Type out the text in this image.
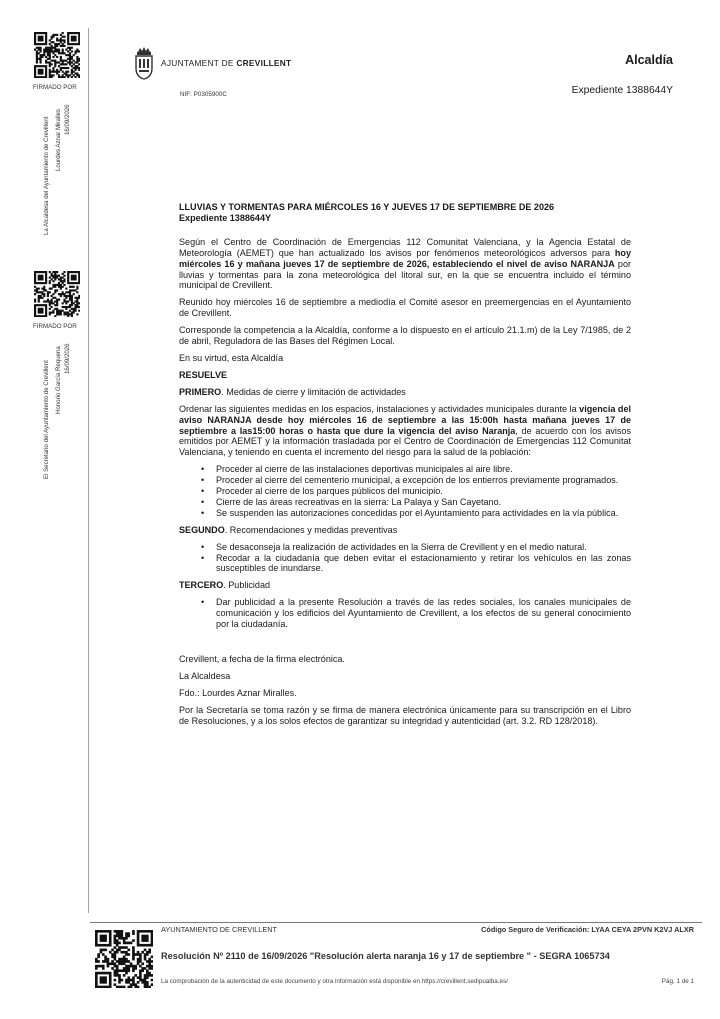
FIRMADO POR
La Alcaldesa del Ayuntamiento de Crevillent Lourdes Aznar Miralles 16/09/2026
FIRMADO POR
El Secretario del Ayuntamiento de Crevillent Honorio García Requena 16/09/2026
AJUNTAMENT DE CREVILLENT
NIF: P0305900C
Alcaldía
Expediente 1388644Y

LLUVIAS Y TORMENTAS PARA MIÉRCOLES 16 Y JUEVES 17 DE SEPTIEMBRE DE 2026
Expediente 1388644Y

Según el Centro de Coordinación de Emergencias 112 Comunitat Valenciana, y la Agencia Estatal de Meteorología (AEMET) que han actualizado los avisos por fenómenos meteorológicos adversos para hoy miércoles 16 y mañana jueves 17 de septiembre de 2026, estableciendo el nivel de aviso NARANJA por lluvias y tormentas para la zona meteorológica del litoral sur, en la que se encuentra incluido el término municipal de Crevillent.

Reunido hoy miércoles 16 de septiembre a mediodía el Comité asesor en preemergencias en el Ayuntamiento de Crevillent.

Corresponde la competencia a la Alcaldía, conforme a lo dispuesto en el artículo 21.1.m) de la Ley 7/1985, de 2 de abril, Reguladora de las Bases del Régimen Local.

En su virtud, esta Alcaldía

RESUELVE

PRIMERO. Medidas de cierre y limitación de actividades

Ordenar las siguientes medidas en los espacios, instalaciones y actividades municipales durante la vigencia del aviso NARANJA desde hoy miércoles 16 de septiembre a las 15:00h hasta mañana jueves 17 de septiembre a las15:00 horas o hasta que dure la vigencia del aviso Naranja, de acuerdo con los avisos emitidos por AEMET y la información trasladada por el Centro de Coordinación de Emergencias 112 Comunitat Valenciana, y teniendo en cuenta el incremento del riesgo para la salud de la población:

• Proceder al cierre de las instalaciones deportivas municipales al aire libre.
• Proceder al cierre del cementerio municipal, a excepción de los entierros previamente programados.
• Proceder al cierre de los parques públicos del municipio.
• Cierre de las áreas recreativas en la sierra: La Palaya y San Cayetano.
• Se suspenden las autorizaciones concedidas por el Ayuntamiento para actividades en la vía pública.

SEGUNDO. Recomendaciones y medidas preventivas

• Se desaconseja la realización de actividades en la Sierra de Crevillent y en el medio natural.
• Recodar a la ciudadanía que deben evitar el estacionamiento y retirar los vehículos en las zonas susceptibles de inundarse.

TERCERO. Publicidad

• Dar publicidad a la presente Resolución a través de las redes sociales, los canales municipales de comunicación y los edificios del Ayuntamiento de Crevillent, a los efectos de su general conocimiento por la ciudadanía.

Crevillent, a fecha de la firma electrónica.

La Alcaldesa

Fdo.: Lourdes Aznar Miralles.

Por la Secretaría se toma razón y se firma de manera electrónica únicamente para su transcripción en el Libro de Resoluciones, y a los solos efectos de garantizar su integridad y autenticidad (art. 3.2. RD 128/2018).

AYUNTAMIENTO DE CREVILLENT	Código Seguro de Verificación: LYAA CEYA 2PVN K2VJ ALXR
Resolución Nº 2110 de 16/09/2026 "Resolución alerta naranja 16 y 17 de septiembre " - SEGRA 1065734
La comprobación de la autenticidad de este documento y otra información está disponible en https://crevillent.sedipualba.es/	Pág. 1 de 1
